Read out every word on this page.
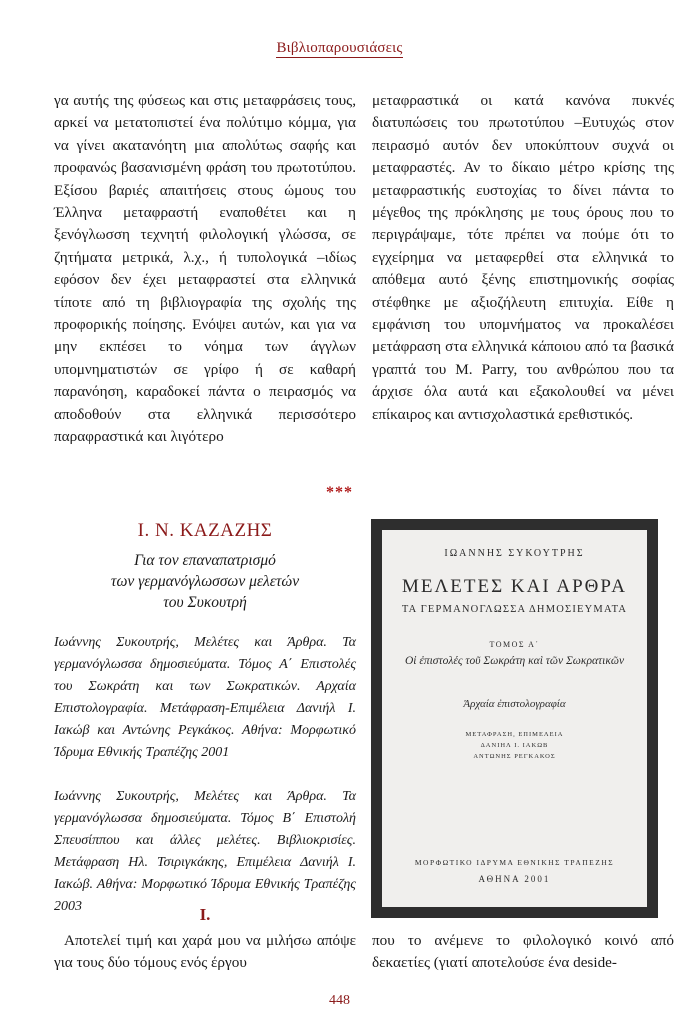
Βιβλιοπαρουσιάσεις

γα αυτής της φύσεως και στις μεταφράσεις τους, αρκεί να μετατοπιστεί ένα πολύτιμο κόμμα, για να γίνει ακατανόητη μια απολύτως σαφής και προφανώς βασανισμένη φράση του πρωτοτύπου. Εξίσου βαριές απαιτήσεις στους ώμους του Έλληνα μεταφραστή εναποθέτει και η ξενόγλωσση τεχνητή φιλολογική γλώσσα, σε ζητήματα μετρικά, λ.χ., ή τυπολογικά –ιδίως εφόσον δεν έχει μεταφραστεί στα ελληνικά τίποτε από τη βιβλιογραφία της σχολής της προφορικής ποίησης. Ενόψει αυτών, και για να μην εκπέσει το νόημα των άγγλων υπομνηματιστών σε γρίφο ή σε καθαρή παρανόηση, καραδοκεί πάντα ο πειρασμός να αποδοθούν στα ελληνικά περισσότερο παραφραστικά και λιγότερο

μεταφραστικά οι κατά κανόνα πυκνές διατυπώσεις του πρωτοτύπου –Ευτυχώς στον πειρασμό αυτόν δεν υποκύπτουν συχνά οι μεταφραστές. Αν το δίκαιο μέτρο κρίσης της μεταφραστικής ευστοχίας το δίνει πάντα το μέγεθος της πρόκλησης με τους όρους που το περιγράψαμε, τότε πρέπει να πούμε ότι το εγχείρημα να μεταφερθεί στα ελληνικά το απόθεμα αυτό ξένης επιστημονικής σοφίας στέφθηκε με αξιοζήλευτη επιτυχία. Είθε η εμφάνιση του υπομνήματος να προκαλέσει μετάφραση στα ελληνικά κάποιου από τα βασικά γραπτά του M. Parry, του ανθρώπου που τα άρχισε όλα αυτά και εξακολουθεί να μένει επίκαιρος και αντισχολαστικά ερεθιστικός.

***
Ι. Ν. ΚΑΖΑΖΗΣ
Για τον επαναπατρισμό
των γερμανόγλωσσων μελετών
του Συκουτρή
Ιωάννης Συκουτρής, Μελέτες και Άρθρα. Τα γερμανόγλωσσα δημοσιεύματα. Τόμος Α΄ Επιστολές του Σωκράτη και των Σωκρατικών. Αρχαία Επιστολογραφία. Μετάφραση-Επιμέλεια Δανιήλ Ι. Ιακώβ και Αντώνης Ρεγκάκος. Αθήνα: Μορφωτικό Ίδρυμα Εθνικής Τραπέζης 2001
Ιωάννης Συκουτρής, Μελέτες και Άρθρα. Τα γερμανόγλωσσα δημοσιεύματα. Τόμος Β΄ Επιστολή Σπευσίππου και άλλες μελέτες. Βιβλιοκρισίες. Μετάφραση Ηλ. Τσιριγκάκης, Επιμέλεια Δανιήλ Ι. Ιακώβ. Αθήνα: Μορφωτικό Ίδρυμα Εθνικής Τραπέζης 2003	Ι.

Αποτελεί τιμή και χαρά μου να μιλήσω απόψε για τους δύο τόμους ενός έργου

που το ανέμενε το φιλολογικό κοινό από δεκαετίες (γιατί αποτελούσε ένα deside-

ΙΩΑΝΝΗΣ ΣΥΚΟΥΤΡΗΣ
ΜΕΛΕΤΕΣ ΚΑΙ ΑΡΘΡΑ
ΤΑ ΓΕΡΜΑΝΟΓΛΩΣΣΑ ΔΗΜΟΣΙΕΥΜΑΤΑ
ΤΟΜΟΣ Α΄
Οἱ ἐπιστολές τοῦ Σωκράτη καὶ τῶν Σωκρατικῶν
Ἀρχαία ἐπιστολογραφία
ΜΕΤΑΦΡΑΣΗ, ΕΠΙΜΕΛΕΙΑ
ΔΑΝΙΗΛ Ι. ΙΑΚΩΒ
ΑΝΤΩΝΗΣ ΡΕΓΚΑΚΟΣ
ΜΟΡΦΩΤΙΚΟ ΙΔΡΥΜΑ ΕΘΝΙΚΗΣ ΤΡΑΠΕΖΗΣ
ΑΘΗΝΑ 2001
448
